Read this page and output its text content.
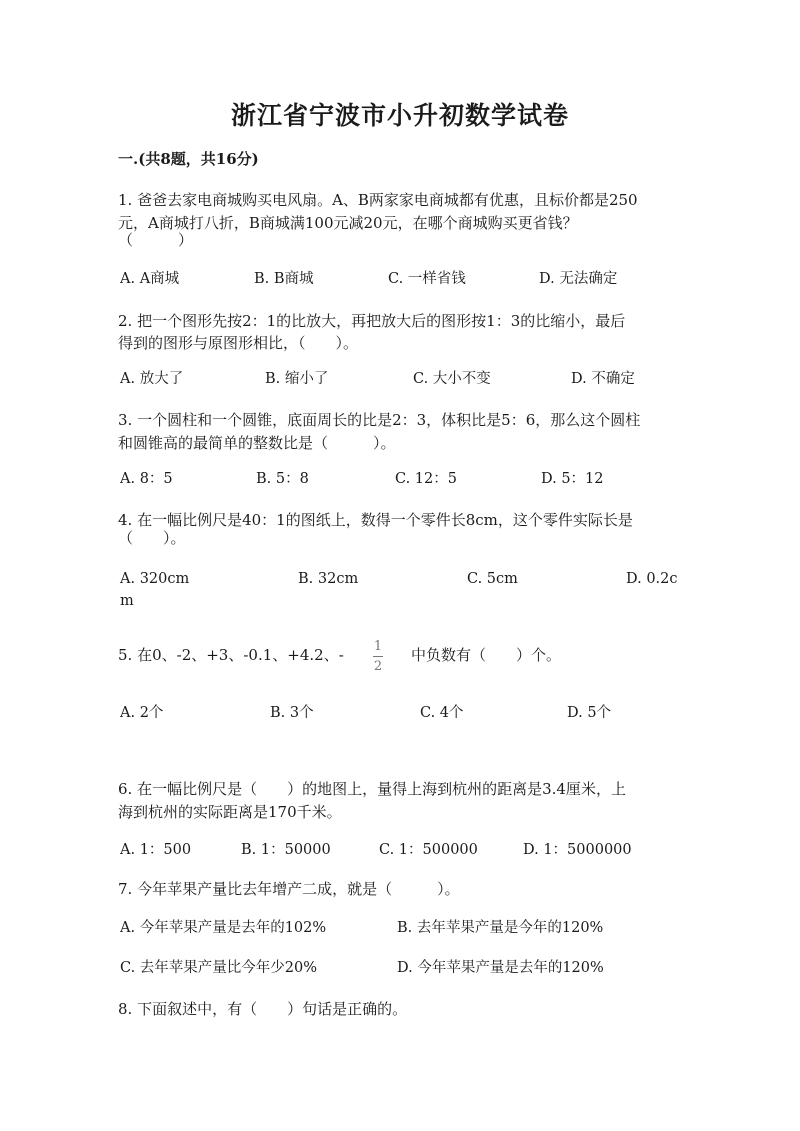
浙江省宁波市小升初数学试卷
一.(共8题，共16分)
1. 爸爸去家电商城购买电风扇。A、B两家家电商城都有优惠，且标价都是250
元，A商城打八折，B商城满100元减20元，在哪个商城购买更省钱？
（　　　）
A. A商城	B. B商城	C. 一样省钱	D. 无法确定
2. 把一个图形先按2：1的比放大，再把放大后的图形按1：3的比缩小，最后
得到的图形与原图形相比，（　　）。
A. 放大了	B. 缩小了	C. 大小不变	D. 不确定
3. 一个圆柱和一个圆锥，底面周长的比是2：3，体积比是5：6，那么这个圆柱
和圆锥高的最简单的整数比是（　　　）。
A. 8：5	B. 5：8	C. 12：5	D. 5：12
4. 在一幅比例尺是40：1的图纸上，数得一个零件长8cm，这个零件实际长是
（　　）。
A. 320cm	B. 32cm	C. 5cm	D. 0.2c
m
5. 在0、-2、+3、-0.1、+4.2、- 1
2
中负数有（　　）个。
A. 2个	B. 3个	C. 4个	D. 5个
6. 在一幅比例尺是（　　）的地图上，量得上海到杭州的距离是3.4厘米，上
海到杭州的实际距离是170千米。
A. 1：500	B. 1：50000	C. 1：500000	D. 1：5000000
7. 今年苹果产量比去年增产二成，就是（　　　）。
A. 今年苹果产量是去年的102%	B. 去年苹果产量是今年的120%
C. 去年苹果产量比今年少20%	D. 今年苹果产量是去年的120%
8. 下面叙述中，有（　　）句话是正确的。
